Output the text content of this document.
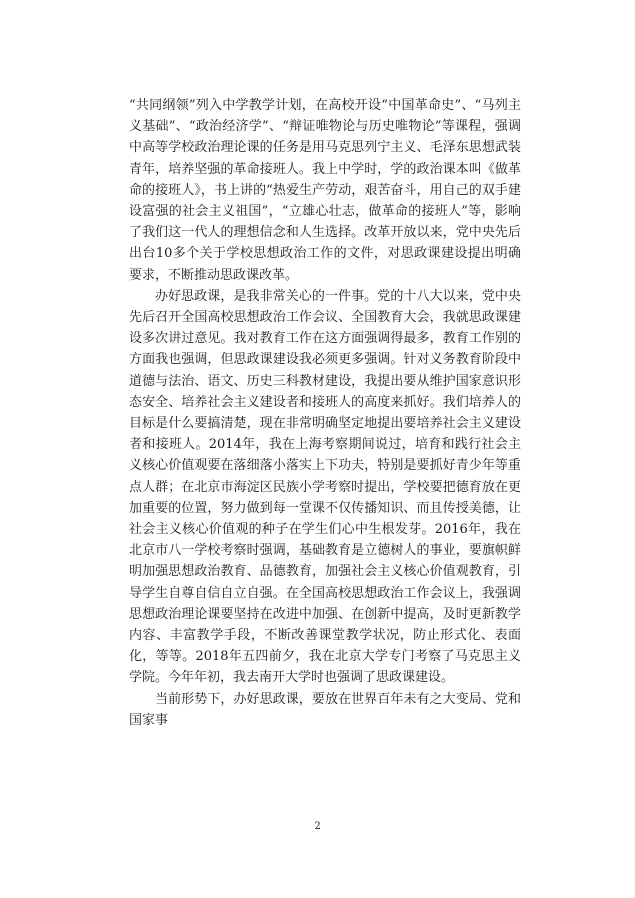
“共同纲领”列入中学教学计划，在高校开设“中国革命史”、“马列主义基础”、“政治经济学”、“辩证唯物论与历史唯物论”等课程，强调中高等学校政治理论课的任务是用马克思列宁主义、毛泽东思想武装青年，培养坚强的革命接班人。我上中学时，学的政治课本叫《做革命的接班人》，书上讲的“热爱生产劳动，艰苦奋斗，用自己的双手建设富强的社会主义祖国”，“立雄心壮志，做革命的接班人”等，影响了我们这一代人的理想信念和人生选择。改革开放以来，党中央先后出台10多个关于学校思想政治工作的文件，对思政课建设提出明确要求，不断推动思政课改革。

办好思政课，是我非常关心的一件事。党的十八大以来，党中央先后召开全国高校思想政治工作会议、全国教育大会，我就思政课建设多次讲过意见。我对教育工作在这方面强调得最多，教育工作别的方面我也强调，但思政课建设我必须更多强调。针对义务教育阶段中道德与法治、语文、历史三科教材建设，我提出要从维护国家意识形态安全、培养社会主义建设者和接班人的高度来抓好。我们培养人的目标是什么要搞清楚，现在非常明确坚定地提出要培养社会主义建设者和接班人。2014年，我在上海考察期间说过，培育和践行社会主义核心价值观要在落细落小落实上下功夫，特别是要抓好青少年等重点人群；在北京市海淀区民族小学考察时提出，学校要把德育放在更加重要的位置，努力做到每一堂课不仅传播知识、而且传授美德，让社会主义核心价值观的种子在学生们心中生根发芽。2016年，我在北京市八一学校考察时强调，基础教育是立德树人的事业，要旗帜鲜明加强思想政治教育、品德教育，加强社会主义核心价值观教育，引导学生自尊自信自立自强。在全国高校思想政治工作会议上，我强调思想政治理论课要坚持在改进中加强、在创新中提高，及时更新教学内容、丰富教学手段，不断改善课堂教学状况，防止形式化、表面化，等等。2018年五四前夕，我在北京大学专门考察了马克思主义学院。今年年初，我去南开大学时也强调了思政课建设。

当前形势下，办好思政课，要放在世界百年未有之大变局、党和国家事

2
